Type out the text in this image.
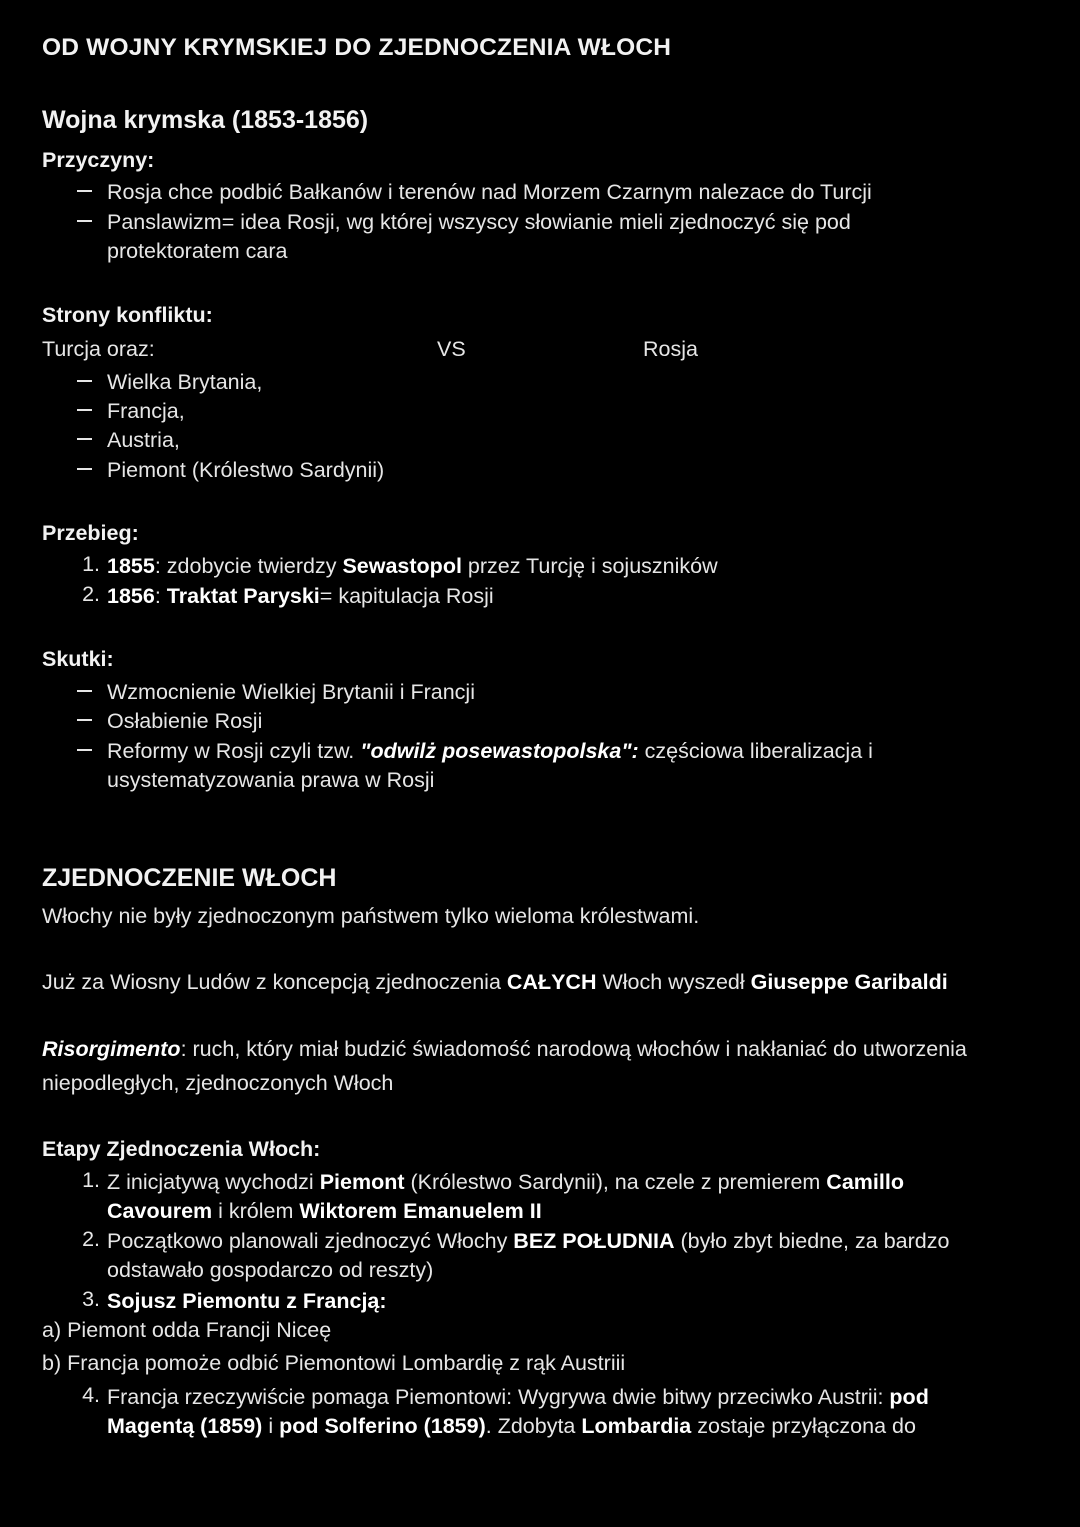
OD WOJNY KRYMSKIEJ DO ZJEDNOCZENIA WŁOCH
Wojna krymska (1853-1856)
Przyczyny:
Rosja chce podbić Bałkanów i terenów nad Morzem Czarnym nalezace do Turcji
Panslawizm= idea Rosji, wg której wszyscy słowianie mieli zjednoczyć się pod
protektoratem cara
Strony konfliktu:
Turcja oraz:	VS	Rosja
Wielka Brytania,
Francja,
Austria,
Piemont (Królestwo Sardynii)
Przebieg:
1. 1855: zdobycie twierdzy Sewastopol przez Turcję i sojuszników
2. 1856: Traktat Paryski= kapitulacja Rosji
Skutki:
Wzmocnienie Wielkiej Brytanii i Francji
Osłabienie Rosji
Reformy w Rosji czyli tzw. "odwilż posewastopolska": częściowa liberalizacja i
usystematyzowania prawa w Rosji
ZJEDNOCZENIE WŁOCH
Włochy nie były zjednoczonym państwem tylko wieloma królestwami.
Już za Wiosny Ludów z koncepcją zjednoczenia CAŁYCH Włoch wyszedł Giuseppe Garibaldi
Risorgimento: ruch, który miał budzić świadomość narodową włochów i nakłaniać do utworzenia
niepodległych, zjednoczonych Włoch
Etapy Zjednoczenia Włoch:
1. Z inicjatywą wychodzi Piemont (Królestwo Sardynii), na czele z premierem Camillo
Cavourem i królem Wiktorem Emanuelem II
2. Początkowo planowali zjednoczyć Włochy BEZ POŁUDNIA (było zbyt biedne, za bardzo
odstawało gospodarczo od reszty)
3. Sojusz Piemontu z Francją:
a) Piemont odda Francji Niceę
b) Francja pomoże odbić Piemontowi Lombardię z rąk Austriii
4. Francja rzeczywiście pomaga Piemontowi: Wygrywa dwie bitwy przeciwko Austrii: pod
Magentą (1859) i pod Solferino (1859). Zdobyta Lombardia zostaje przyłączona do
